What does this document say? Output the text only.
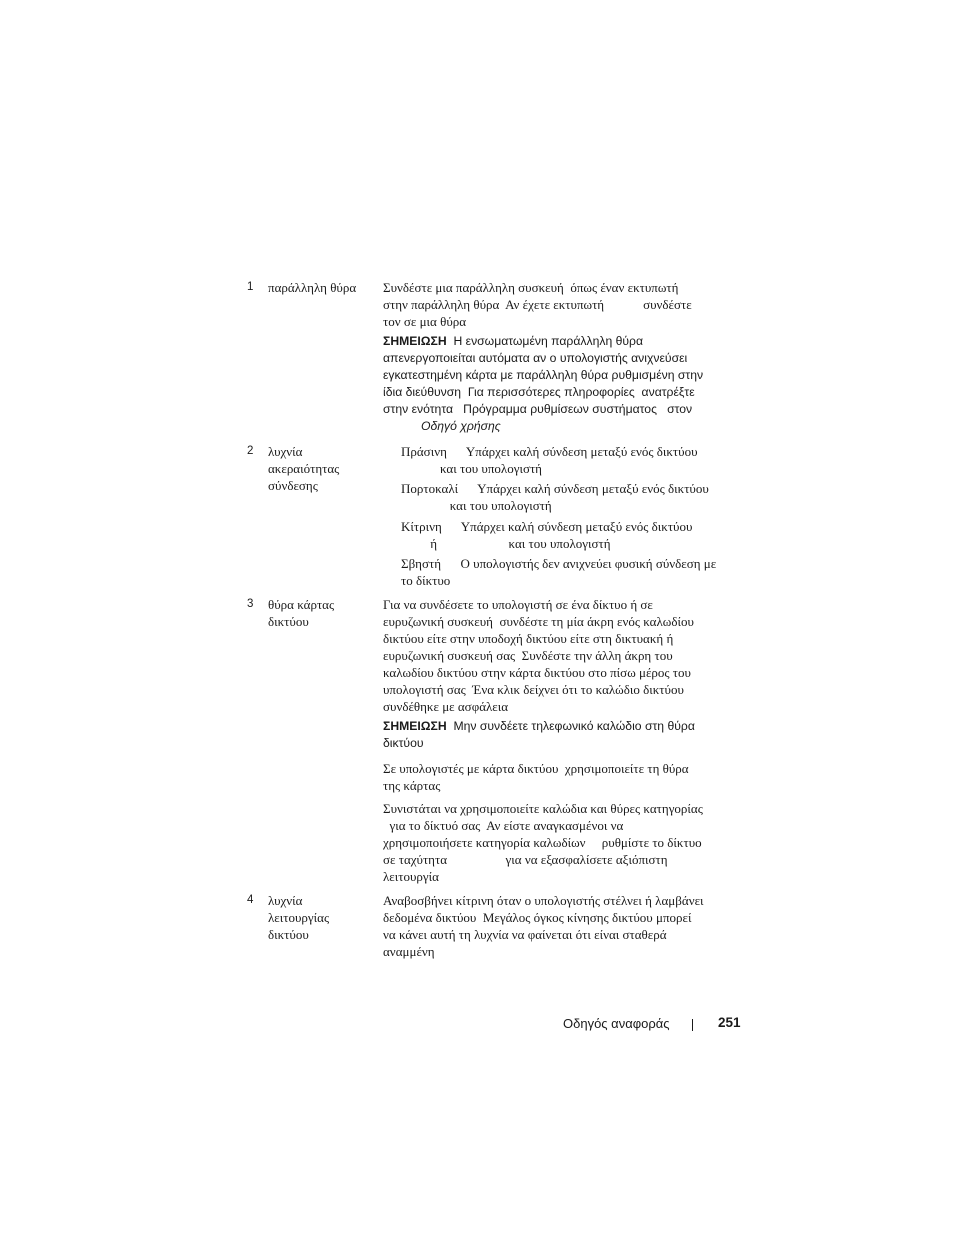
1 παράλληλη θύρα	Συνδέστε μια παράλληλη συσκευή  όπως έναν εκτυπωτή
στην παράλληλη θύρα  Αν έχετε εκτυπωτή            συνδέστε
τον σε μια θύρα
ΣΗΜΕΙΩΣΗ  Η ενσωματωμένη παράλληλη θύρα
απενεργοποιείται αυτόματα αν ο υπολογιστής ανιχνεύσει
εγκατεστημένη κάρτα με παράλληλη θύρα ρυθμισμένη στην
ίδια διεύθυνση  Για περισσότερες πληροφορίες  ανατρέξτε
στην ενότητα   Πρόγραμμα ρυθμίσεων συστήματος   στον
Οδηγό χρήσης
2 λυχνία
ακεραιότητας
σύνδεσης
Πράσινη      Υπάρχει καλή σύνδεση μεταξύ ενός δικτύου
και του υπολογιστή
Πορτοκαλί      Υπάρχει καλή σύνδεση μεταξύ ενός δικτύου
και του υπολογιστή
Κίτρινη      Υπάρχει καλή σύνδεση μεταξύ ενός δικτύου
ή                      και του υπολογιστή
Σβηστή      Ο υπολογιστής δεν ανιχνεύει φυσική σύνδεση με
το δίκτυο
3 θύρα κάρτας
δικτύου
Για να συνδέσετε το υπολογιστή σε ένα δίκτυο ή σε
ευρυζωνική συσκευή  συνδέστε τη μία άκρη ενός καλωδίου
δικτύου είτε στην υποδοχή δικτύου είτε στη δικτυακή ή
ευρυζωνική συσκευή σας  Συνδέστε την άλλη άκρη του
καλωδίου δικτύου στην κάρτα δικτύου στο πίσω μέρος του
υπολογιστή σας  Ένα κλικ δείχνει ότι το καλώδιο δικτύου
συνδέθηκε με ασφάλεια
ΣΗΜΕΙΩΣΗ  Μην συνδέετε τηλεφωνικό καλώδιο στη θύρα
δικτύου
Σε υπολογιστές με κάρτα δικτύου  χρησιμοποιείτε τη θύρα
της κάρτας
Συνιστάται να χρησιμοποιείτε καλώδια και θύρες κατηγορίας
για το δίκτυό σας  Αν είστε αναγκασμένοι να
χρησιμοποιήσετε κατηγορία καλωδίων     ρυθμίστε το δίκτυο
σε ταχύτητα                  για να εξασφαλίσετε αξιόπιστη
λειτουργία
4 λυχνία
λειτουργίας
δικτύου
Αναβοσβήνει κίτρινη όταν ο υπολογιστής στέλνει ή λαμβάνει
δεδομένα δικτύου  Μεγάλος όγκος κίνησης δικτύου μπορεί
να κάνει αυτή τη λυχνία να φαίνεται ότι είναι σταθερά
αναμμένη
Οδηγός αναφοράς	251
